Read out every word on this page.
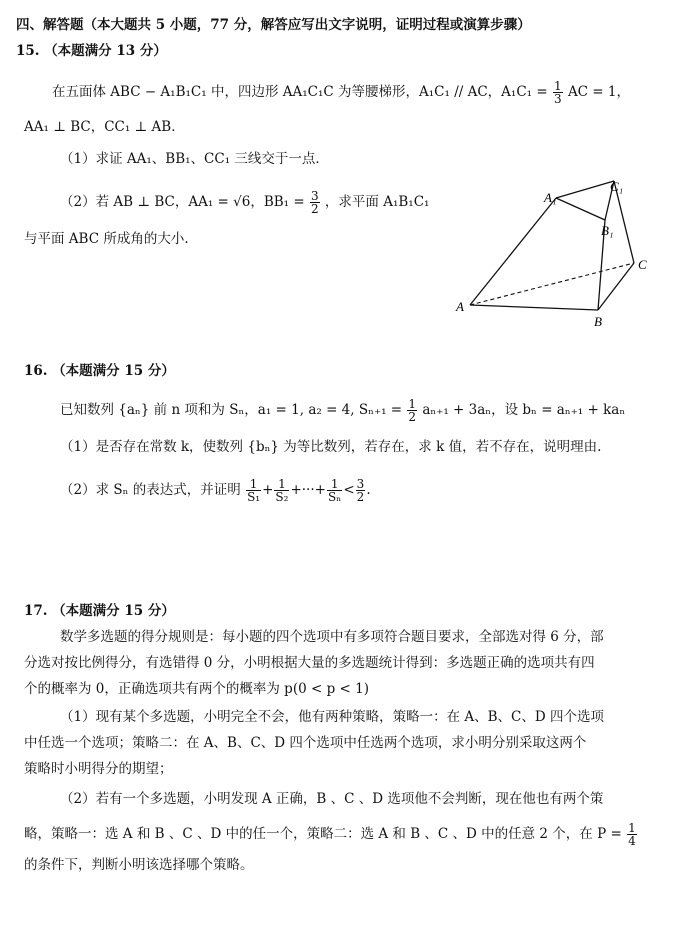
四、解答题（本大题共 5 小题，77 分，解答应写出文字说明，证明过程或演算步骤）
15. （本题满分 13 分）
在五面体 ABC − A₁B₁C₁ 中，四边形 AA₁C₁C 为等腰梯形，A₁C₁ // AC，$A_1C_1 = \frac{1}{3}$ AC = 1，
AA₁ ⊥ BC，CC₁ ⊥ AB．
（1）求证 AA₁、BB₁、CC₁ 三线交于一点．
（2）若 AB ⊥ BC，AA₁ = √6，$BB_1 = \frac{3}{2}$ ，求平面 A₁B₁C₁
与平面 ABC 所成角的大小.
A
B
C
A₁
B₁
C₁
16. （本题满分 15 分）
已知数列 {aₙ} 前 n 项和为 Sₙ，a₁ = 1, a₂ = 4, $S_{n+1} = \frac{1}{2} a_{n+1} + 3a_n$，设 bₙ = aₙ₊₁ + kaₙ
（1）是否存在常数 k，使数列 {bₙ} 为等比数列，若存在，求 k 值，若不存在，说明理由.
（2）求 Sₙ 的表达式，并证明 $\frac{1}{\text{S₁}} + \frac{1}{\text{S₂}}$ +···+ $\frac{1}{\text{Sₙ}} < \frac{3}{2}$ .
17. （本题满分 15 分）
数学多选题的得分规则是：每小题的四个选项中有多项符合题目要求，全部选对得 6 分，部
分选对按比例得分，有选错得 0 分，小明根据大量的多选题统计得到：多选题正确的选项共有四
个的概率为 0，正确选项共有两个的概率为 p(0 < p < 1)
（1）现有某个多选题，小明完全不会，他有两种策略，策略一：在 A、B、C、D 四个选项
中任选一个选项；策略二：在 A、B、C、D 四个选项中任选两个选项，求小明分别采取这两个
策略时小明得分的期望；
（2）若有一个多选题，小明发现 A 正确，B 、C 、D 选项他不会判断，现在他也有两个策
略，策略一：选 A 和 B 、C 、D 中的任一个，策略二：选 A 和 B 、C 、D 中的任意 2 个，在 $P = \frac{1}{4}$
的条件下，判断小明该选择哪个策略。
